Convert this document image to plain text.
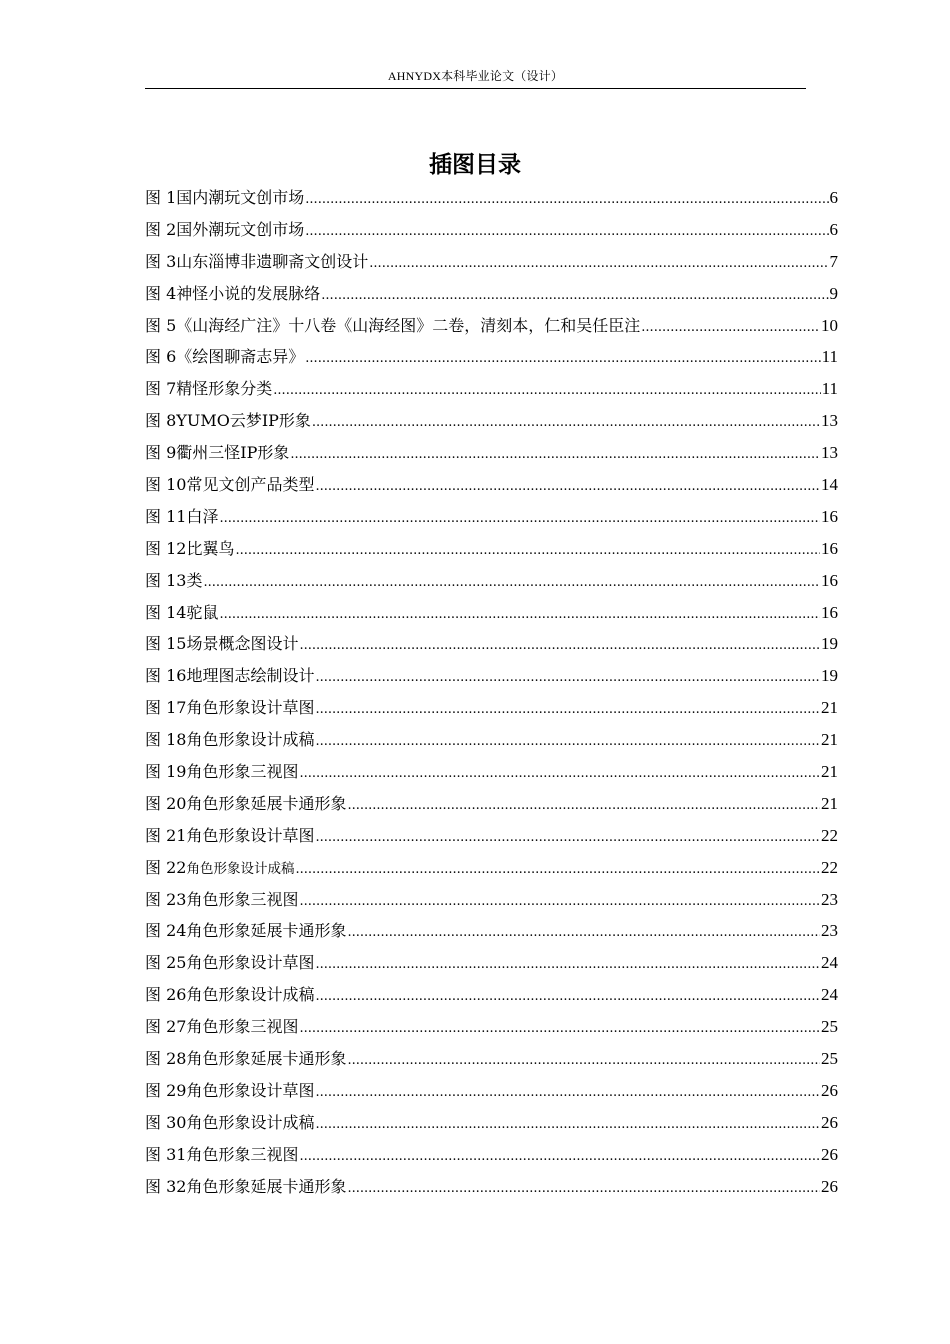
AHNYDX本科毕业论文（设计）
插图目录
图 1 国内潮玩文创市场 .....	6
图 2 国外潮玩文创市场 .....	6
图 3 山东淄博非遗聊斋文创设计 .....	7
图 4 神怪小说的发展脉络 .....	9
图 5 《山海经广注》十八卷《山海经图》二卷，清刻本，仁和吴任臣注 .....	10
图 6 《绘图聊斋志异》 .....	11
图 7 精怪形象分类 .....	11
图 8 YUMO云梦IP形象 .....	13
图 9 衢州三怪IP形象 .....	13
图 10 常见文创产品类型 .....	14
图 11 白泽 .....	16
图 12 比翼鸟 .....	16
图 13 类 .....	16
图 14 驼鼠 .....	16
图 15 场景概念图设计 .....	19
图 16 地理图志绘制设计 .....	19
图 17 角色形象设计草图 .....	21
图 18 角色形象设计成稿 .....	21
图 19 角色形象三视图 .....	21
图 20 角色形象延展卡通形象 .....	21
图 21 角色形象设计草图 .....	22
图 22 角色形象设计成稿 .....	22
图 23 角色形象三视图 .....	23
图 24 角色形象延展卡通形象 .....	23
图 25 角色形象设计草图 .....	24
图 26 角色形象设计成稿 .....	24
图 27 角色形象三视图 .....	25
图 28 角色形象延展卡通形象 .....	25
图 29 角色形象设计草图 .....	26
图 30 角色形象设计成稿 .....	26
图 31 角色形象三视图 .....	26
图 32 角色形象延展卡通形象 .....	26
